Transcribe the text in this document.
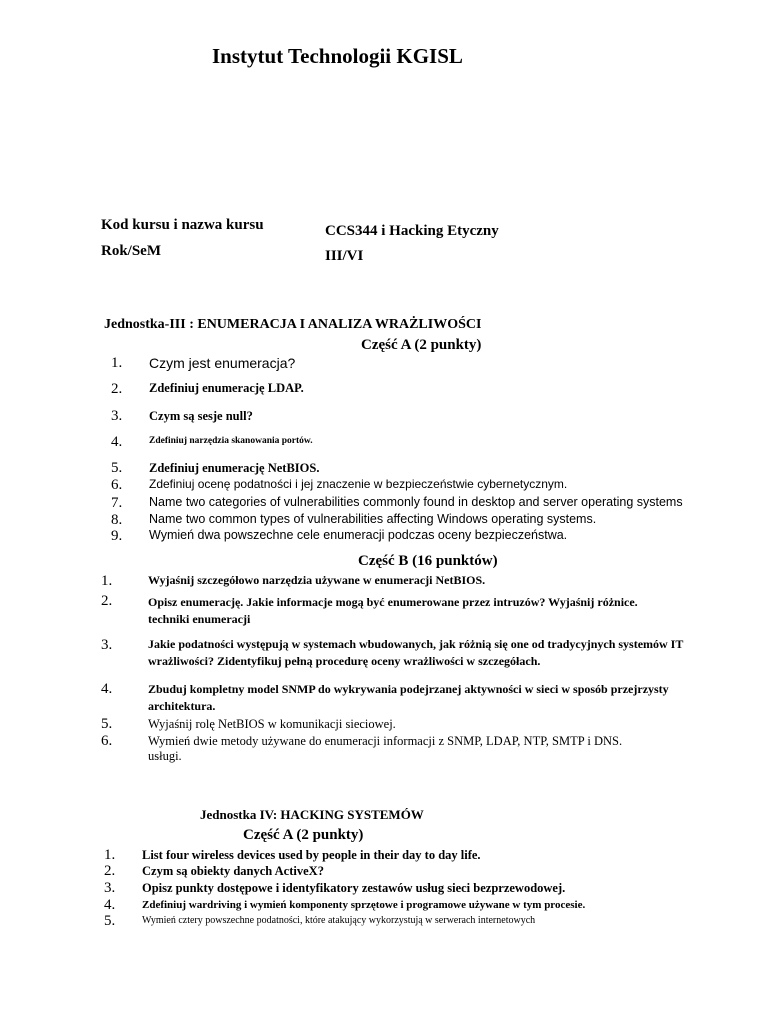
Instytut Technologii KGISL
Kod kursu i nazwa kursu	CCS344 i Hacking Etyczny
Rok/SeM	III/VI
Jednostka-III : ENUMERACJA I ANALIZA WRAŻLIWOŚCI
Część A (2 punkty)
1. Czym jest enumeracja?
2. Zdefiniuj enumerację LDAP.
3. Czym są sesje null?
4.	Zdefiniuj narzędzia skanowania portów.
5. Zdefiniuj enumerację NetBIOS.
6. Zdefiniuj ocenę podatności i jej znaczenie w bezpieczeństwie cybernetycznym.
7. Name two categories of vulnerabilities commonly found in desktop and server operating systems
8. Name two common types of vulnerabilities affecting Windows operating systems.
9. Wymień dwa powszechne cele enumeracji podczas oceny bezpieczeństwa.
Część B (16 punktów)
1.	Wyjaśnij szczegółowo narzędzia używane w enumeracji NetBIOS.
2.	Opisz enumerację. Jakie informacje mogą być enumerowane przez intruzów? Wyjaśnij różnice.
techniki enumeracji
3.	Jakie podatności występują w systemach wbudowanych, jak różnią się one od tradycyjnych systemów IT
wrażliwości? Zidentyfikuj pełną procedurę oceny wrażliwości w szczegółach.
4.	Zbuduj kompletny model SNMP do wykrywania podejrzanej aktywności w sieci w sposób przejrzysty
architektura.
5.	Wyjaśnij rolę NetBIOS w komunikacji sieciowej.
6.	Wymień dwie metody używane do enumeracji informacji z SNMP, LDAP, NTP, SMTP i DNS.
usługi.
Jednostka IV: HACKING SYSTEMÓW
Część A (2 punkty)
1. List four wireless devices used by people in their day to day life.
2. Czym są obiekty danych ActiveX?
3. Opisz punkty dostępowe i identyfikatory zestawów usług sieci bezprzewodowej.
4. Zdefiniuj wardriving i wymień komponenty sprzętowe i programowe używane w tym procesie.
5.	Wymień cztery powszechne podatności, które atakujący wykorzystują w serwerach internetowych
